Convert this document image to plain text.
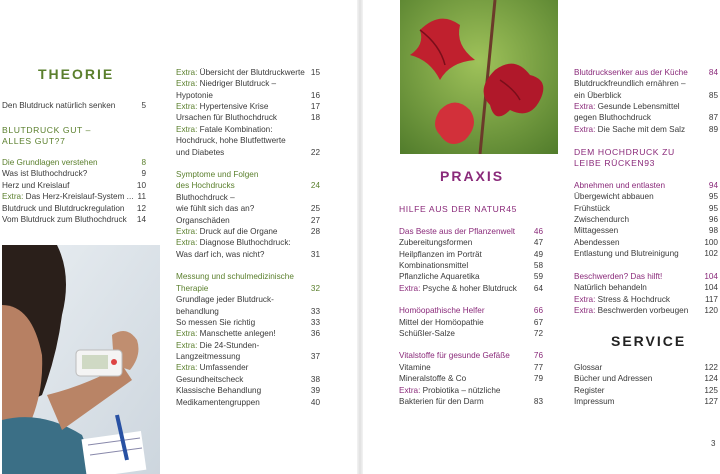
THEORIE
Den Blutdruck natürlich senken	5
BLUTDRUCK GUT –
ALLES GUT?7
Die Grundlagen verstehen	8
Was ist Bluthochdruck?	9
Herz und Kreislauf	10
Extra: Das Herz-Kreislauf-System ... 11
Blutdruck und Blutdruckregulation 12
Vom Blutdruck zum Bluthochdruck 14
Extra: Übersicht der Blutdruckwerte 15
Extra: Niedriger Blutdruck –
Hypotonie	16
Extra: Hypertensive Krise	17
Ursachen für Bluthochdruck	18
Extra: Fatale Kombination:
Hochdruck, hohe Blutfettwerte
und Diabetes	22
Symptome und Folgen
des Hochdrucks	24
Bluthochdruck –
wie fühlt sich das an?	25
Organschäden	27
Extra: Druck auf die Organe	28
Extra: Diagnose Bluthochdruck:
Was darf ich, was nicht?	31
Messung und schulmedizinische
Therapie	32
Grundlage jeder Blutdruck-
behandlung	33
So messen Sie richtig	33
Extra: Manschette anlegen!	36
Extra: Die 24-Stunden-
Langzeitmessung	37
Extra: Umfassender
Gesundheitscheck	38
Klassische Behandlung	39
Medikamentengruppen	40
HILFE AUS DER NATUR45
Das Beste aus der Pflanzenwelt 46
Zubereitungsformen	47
Heilpflanzen im Porträt	49
Kombinationsmittel	58
Pflanzliche Aquaretika	59
Extra: Psyche & hoher Blutdruck 64
Homöopathische Helfer	66
Mittel der Homöopathie	67
Schüßler-Salze	72
Vitalstoffe für gesunde Gefäße	76
Vitamine	77
Mineralstoffe & Co	79
Extra: Probiotika – nützliche
Bakterien für den Darm	83
Blutdrucksenker aus der Küche	84
Blutdruckfreundlich ernähren –
ein Überblick	85
Extra: Gesunde Lebensmittel
gegen Bluthochdruck	87
Extra: Die Sache mit dem Salz	89
DEM HOCHDRUCK ZU
LEIBE RÜCKEN93
Abnehmen und entlasten	94
Übergewicht abbauen	95
Frühstück	95
Zwischendurch	96
Mittagessen	98
Abendessen	100
Entlastung und Blutreinigung	102
Beschwerden? Das hilft!	104
Natürlich behandeln	104
Extra: Stress & Hochdruck	117
Extra: Beschwerden vorbeugen 120
Glossar	122
Bücher und Adressen	124
Register	125
Impressum	127
PRAXIS
SERVICE
3
